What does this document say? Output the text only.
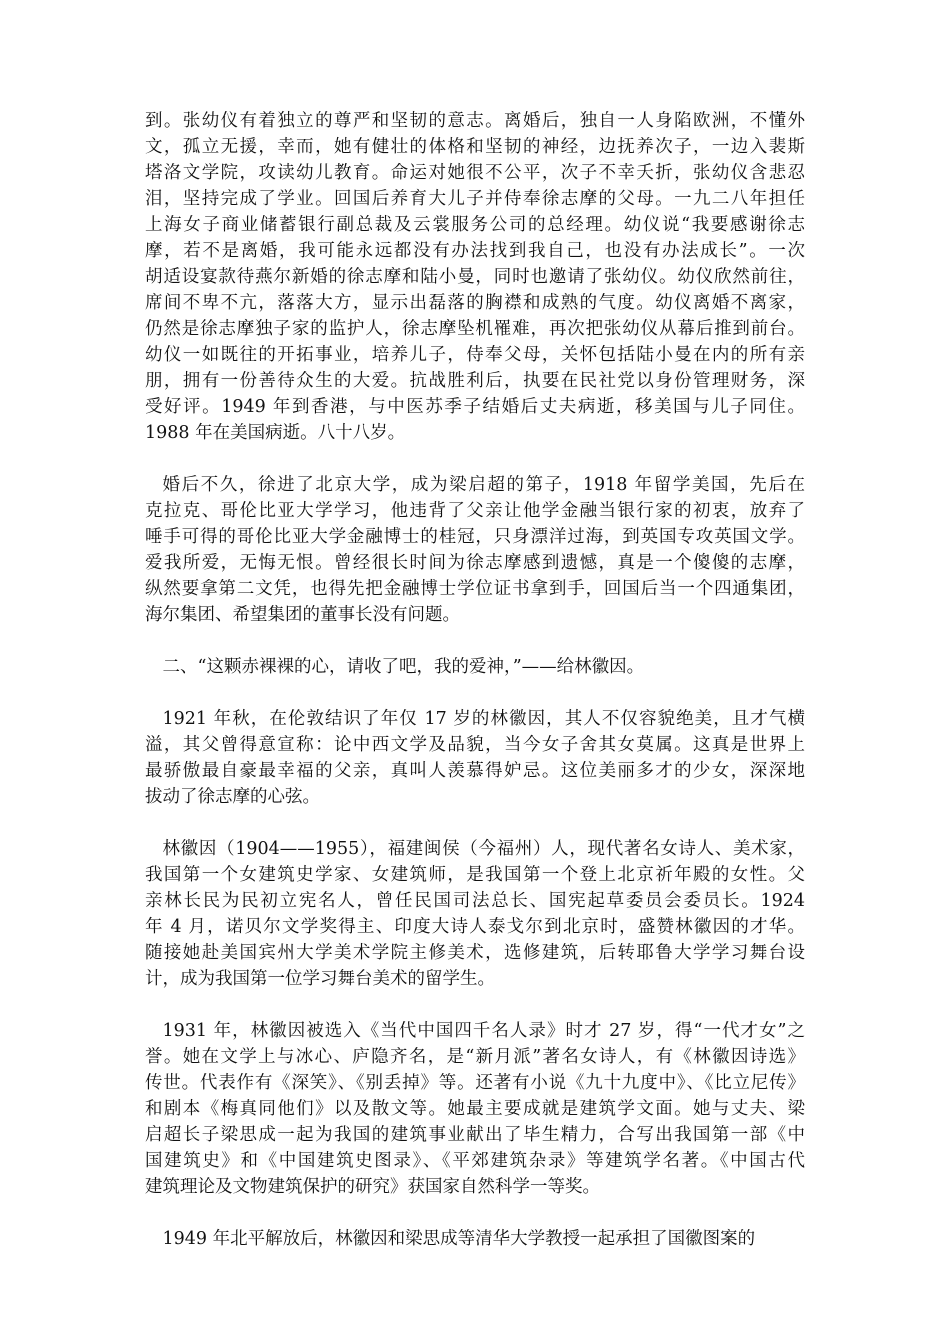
到。张幼仪有着独立的尊严和坚韧的意志。离婚后，独自一人身陷欧洲，不懂外
文，孤立无援，幸而，她有健壮的体格和坚韧的神经，边抚养次子，一边入裴斯
塔洛文学院，攻读幼儿教育。命运对她很不公平，次子不幸夭折，张幼仪含悲忍
泪，坚持完成了学业。回国后养育大儿子并侍奉徐志摩的父母。一九二八年担任
上海女子商业储蓄银行副总裁及云裳服务公司的总经理。幼仪说“我要感谢徐志
摩，若不是离婚，我可能永远都没有办法找到我自己，也没有办法成长”。一次
胡适设宴款待燕尔新婚的徐志摩和陆小曼，同时也邀请了张幼仪。幼仪欣然前往，
席间不卑不亢，落落大方，显示出磊落的胸襟和成熟的气度。幼仪离婚不离家，
仍然是徐志摩独子家的监护人，徐志摩坠机罹难，再次把张幼仪从幕后推到前台。
幼仪一如既往的开拓事业，培养儿子，侍奉父母，关怀包括陆小曼在内的所有亲
朋，拥有一份善待众生的大爱。抗战胜利后，执要在民社党以身份管理财务，深
受好评。1949 年到香港，与中医苏季子结婚后丈夫病逝，移美国与儿子同住。
1988 年在美国病逝。八十八岁。
婚后不久，徐进了北京大学，成为梁启超的第子，1918 年留学美国，先后在
克拉克、哥伦比亚大学学习，他违背了父亲让他学金融当银行家的初衷，放弃了
唾手可得的哥伦比亚大学金融博士的桂冠，只身漂洋过海，到英国专攻英国文学。
爱我所爱，无悔无恨。曾经很长时间为徐志摩感到遗憾，真是一个傻傻的志摩，
纵然要拿第二文凭，也得先把金融博士学位证书拿到手，回国后当一个四通集团，
海尔集团、希望集团的董事长没有问题。
二、“这颗赤裸裸的心，请收了吧，我的爱神，”——给林徽因。
1921 年秋，在伦敦结识了年仅 17 岁的林徽因，其人不仅容貌绝美，且才气横
溢，其父曾得意宣称：论中西文学及品貌，当今女子舍其女莫属。这真是世界上
最骄傲最自豪最幸福的父亲，真叫人羡慕得妒忌。这位美丽多才的少女，深深地
拔动了徐志摩的心弦。
林徽因（1904——1955），福建闽侯（今福州）人，现代著名女诗人、美术家，
我国第一个女建筑史学家、女建筑师，是我国第一个登上北京祈年殿的女性。父
亲林长民为民初立宪名人，曾任民国司法总长、国宪起草委员会委员长。1924
年 4 月，诺贝尔文学奖得主、印度大诗人泰戈尔到北京时，盛赞林徽因的才华。
随接她赴美国宾州大学美术学院主修美术，选修建筑，后转耶鲁大学学习舞台设
计，成为我国第一位学习舞台美术的留学生。
1931 年，林徽因被选入《当代中国四千名人录》时才 27 岁，得“一代才女”之
誉。她在文学上与冰心、庐隐齐名，是“新月派”著名女诗人，有《林徽因诗选》
传世。代表作有《深笑》、《别丢掉》等。还著有小说《九十九度中》、《比立尼传》
和剧本《梅真同他们》以及散文等。她最主要成就是建筑学文面。她与丈夫、梁
启超长子梁思成一起为我国的建筑事业献出了毕生精力，合写出我国第一部《中
国建筑史》和《中国建筑史图录》、《平郊建筑杂录》等建筑学名著。《中国古代
建筑理论及文物建筑保护的研究》获国家自然科学一等奖。
1949 年北平解放后，林徽因和梁思成等清华大学教授一起承担了国徽图案的
